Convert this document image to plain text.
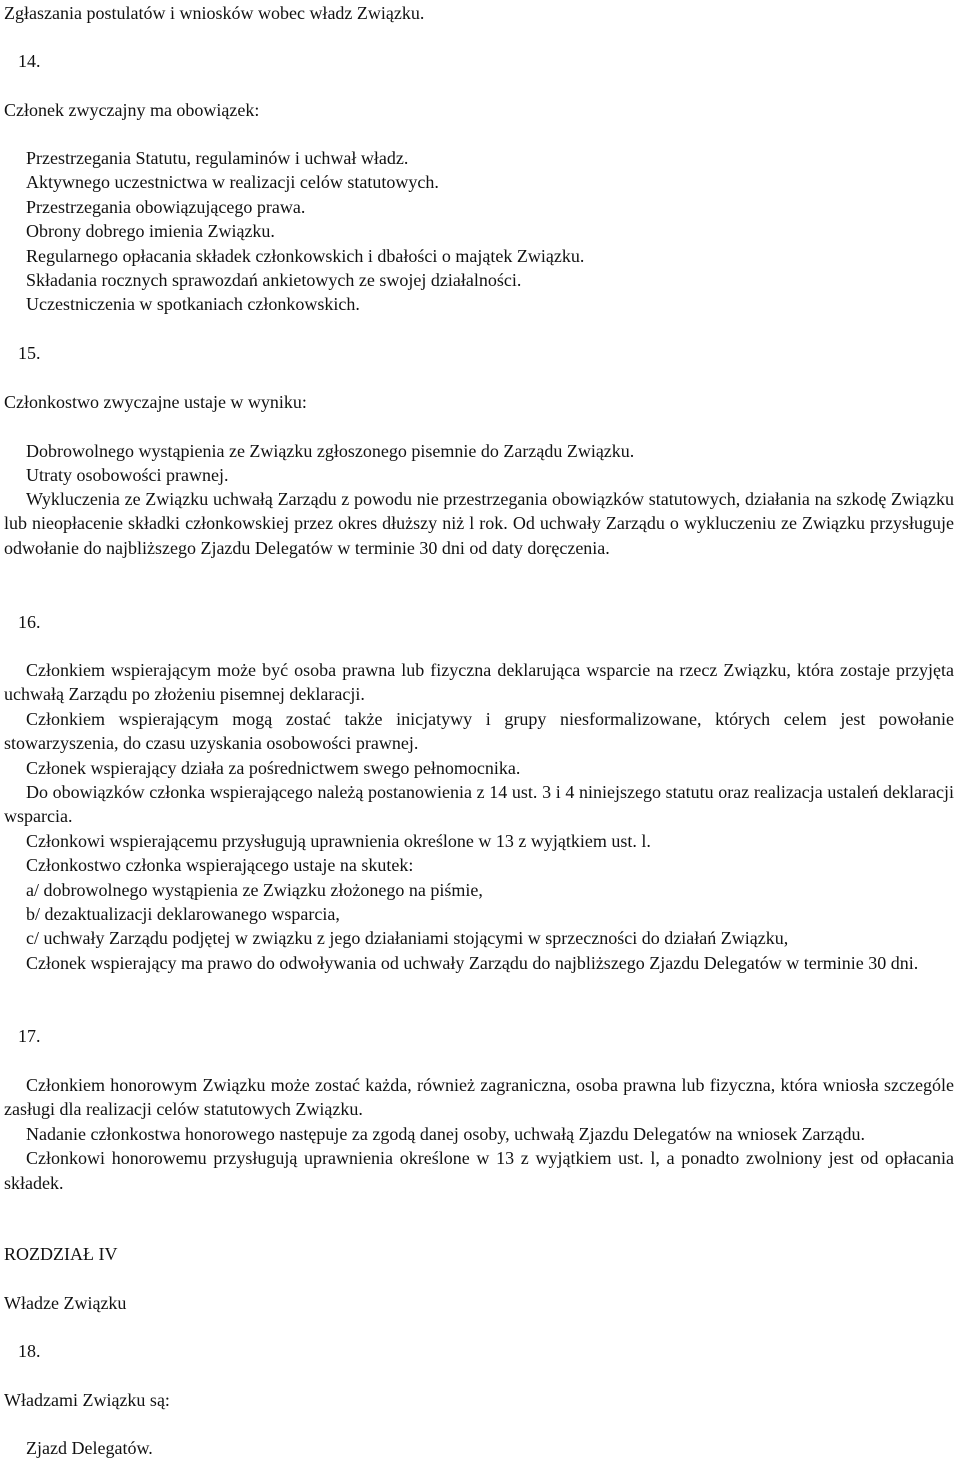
Zgłaszania postulatów i wniosków wobec władz Związku.
14.
Członek zwyczajny ma obowiązek:
Przestrzegania Statutu, regulaminów i uchwał władz.
Aktywnego uczestnictwa w realizacji celów statutowych.
Przestrzegania obowiązującego prawa.
Obrony dobrego imienia Związku.
Regularnego opłacania składek członkowskich i dbałości o majątek Związku.
Składania rocznych sprawozdań ankietowych ze swojej działalności.
Uczestniczenia w spotkaniach członkowskich.
15.
Członkostwo zwyczajne ustaje w wyniku:
Dobrowolnego wystąpienia ze Związku zgłoszonego pisemnie do Zarządu Związku.
Utraty osobowości prawnej.

Wykluczenia ze Związku uchwałą Zarządu z powodu nie przestrzegania obowiązków statutowych, działania na szkodę Związku lub nieopłacenie składki członkowskiej przez okres dłuższy niż l rok. Od uchwały Zarządu o wykluczeniu ze Związku przysługuje odwołanie do najbliższego Zjazdu Delegatów w terminie 30 dni od daty doręczenia.

16.

Członkiem wspierającym może być osoba prawna lub fizyczna deklarująca wsparcie na rzecz Związku, która zostaje przyjęta uchwałą Zarządu po złożeniu pisemnej deklaracji.

Członkiem wspierającym mogą zostać także inicjatywy i grupy niesformalizowane, których celem jest powołanie stowarzyszenia, do czasu uzyskania osobowości prawnej.

Członek wspierający działa za pośrednictwem swego pełnomocnika.

Do obowiązków członka wspierającego należą postanowienia z 14 ust. 3 i 4 niniejszego statutu oraz realizacja ustaleń deklaracji wsparcia.

Członkowi wspierającemu przysługują uprawnienia określone w 13 z wyjątkiem ust. l.

Członkostwo członka wspierającego ustaje na skutek:

a/ dobrowolnego wystąpienia ze Związku złożonego na piśmie,

b/ dezaktualizacji deklarowanego wsparcia,

c/ uchwały Zarządu podjętej w związku z jego działaniami stojącymi w sprzeczności do działań Związku,

Członek wspierający ma prawo do odwoływania od uchwały Zarządu do najbliższego Zjazdu Delegatów w terminie 30 dni.

17.

Członkiem honorowym Związku może zostać każda, również zagraniczna, osoba prawna lub fizyczna, która wniosła szczególe zasługi dla realizacji celów statutowych Związku.

Nadanie członkostwa honorowego następuje za zgodą danej osoby, uchwałą Zjazdu Delegatów na wniosek Zarządu.

Członkowi honorowemu przysługują uprawnienia określone w 13 z wyjątkiem ust. l, a ponadto zwolniony jest od opłacania składek.

ROZDZIAŁ IV
Władze Związku
18.
Władzami Związku są:
Zjazd Delegatów.
